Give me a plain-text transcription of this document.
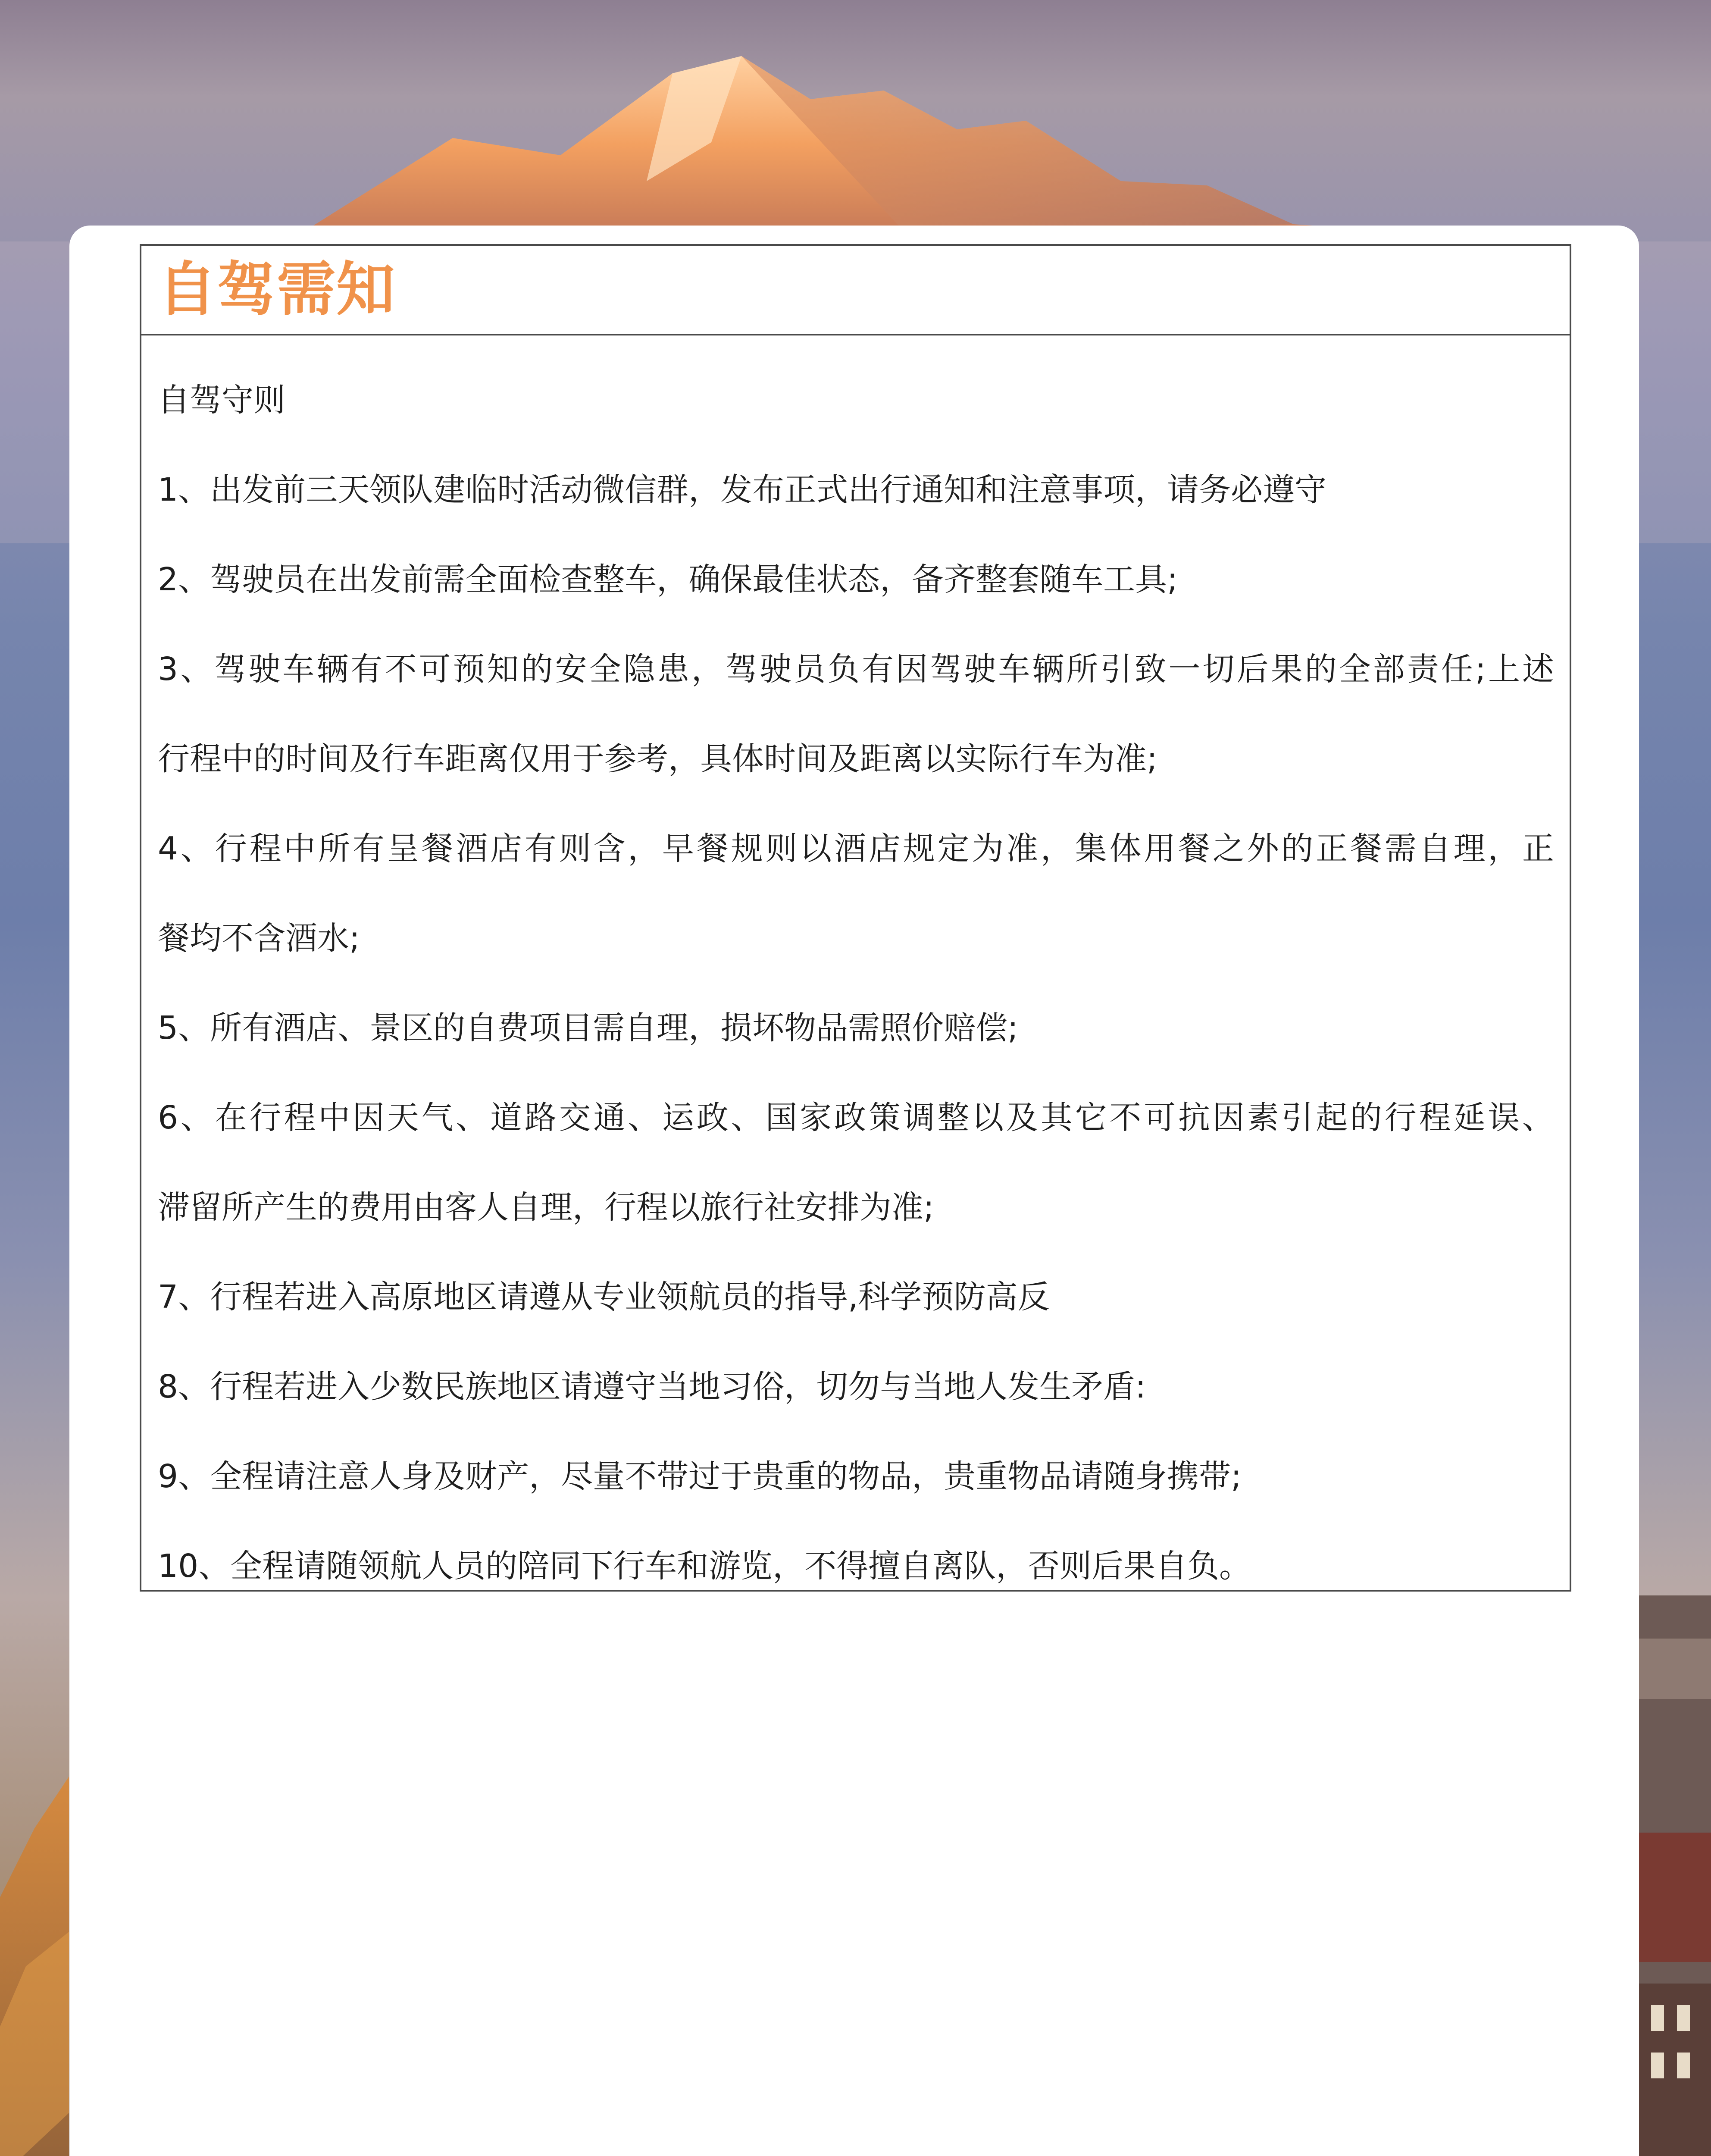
自驾需知
自驾守则
1、出发前三天领队建临时活动微信群，发布正式出行通知和注意事项，请务必遵守
2、驾驶员在出发前需全面检查整车，确保最佳状态，备齐整套随车工具;
3、驾驶车辆有不可预知的安全隐患，驾驶员负有因驾驶车辆所引致一切后果的全部责任;上述
行程中的时间及行车距离仅用于参考，具体时间及距离以实际行车为准;
4、行程中所有呈餐酒店有则含，早餐规则以酒店规定为准，集体用餐之外的正餐需自理，正
餐均不含酒水;
5、所有酒店、景区的自费项目需自理，损坏物品需照价赔偿;
6、在行程中因天气、道路交通、运政、国家政策调整以及其它不可抗因素引起的行程延误、
滞留所产生的费用由客人自理，行程以旅行社安排为准;
7、行程若进入高原地区请遵从专业领航员的指导,科学预防高反
8、行程若进入少数民族地区请遵守当地习俗，切勿与当地人发生矛盾:
9、全程请注意人身及财产，尽量不带过于贵重的物品，贵重物品请随身携带;
10、全程请随领航人员的陪同下行车和游览，不得擅自离队，否则后果自负。
